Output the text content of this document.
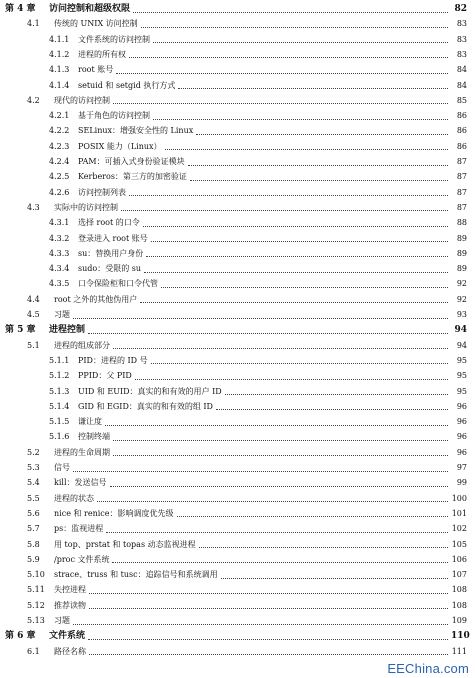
第 4 章	访问控制和超级权限	82
4.1	传统的 UNIX 访问控制	83
4.1.1	文件系统的访问控制	83
4.1.2	进程的所有权	83
4.1.3	root 账号	84
4.1.4	setuid 和 setgid 执行方式	84
4.2	现代的访问控制	85
4.2.1	基于角色的访问控制	86
4.2.2	SELinux：增强安全性的 Linux	86
4.2.3	POSIX 能力（Linux）	86
4.2.4	PAM：可插入式身份验证模块	87
4.2.5	Kerberos：第三方的加密验证	87
4.2.6	访问控制列表	87
4.3	实际中的访问控制	87
4.3.1	选择 root 的口令	88
4.3.2	登录进入 root 账号	89
4.3.3	su：替换用户身份	89
4.3.4	sudo：受限的 su	89
4.3.5	口令保险柜和口令代管	92
4.4	root 之外的其他伪用户	92
4.5	习题	93
第 5 章	进程控制	94
5.1	进程的组成部分	94
5.1.1	PID：进程的 ID 号	95
5.1.2	PPID：父 PID	95
5.1.3	UID 和 EUID：真实的和有效的用户 ID	95
5.1.4	GID 和 EGID：真实的和有效的组 ID	96
5.1.5	谦让度	96
5.1.6	控制终端	96
5.2	进程的生命周期	96
5.3	信号	97
5.4	kill：发送信号	99
5.5	进程的状态	100
5.6	nice 和 renice：影响调度优先级	101
5.7	ps：监视进程	102
5.8	用 top、prstat 和 topas 动态监视进程	105
5.9	/proc 文件系统	106
5.10	strace、truss 和 tusc：追踪信号和系统调用	107
5.11	失控进程	108
5.12	推荐读物	108
5.13	习题	109
第 6 章	文件系统	110
6.1	路径名称	111
EEChina.com
